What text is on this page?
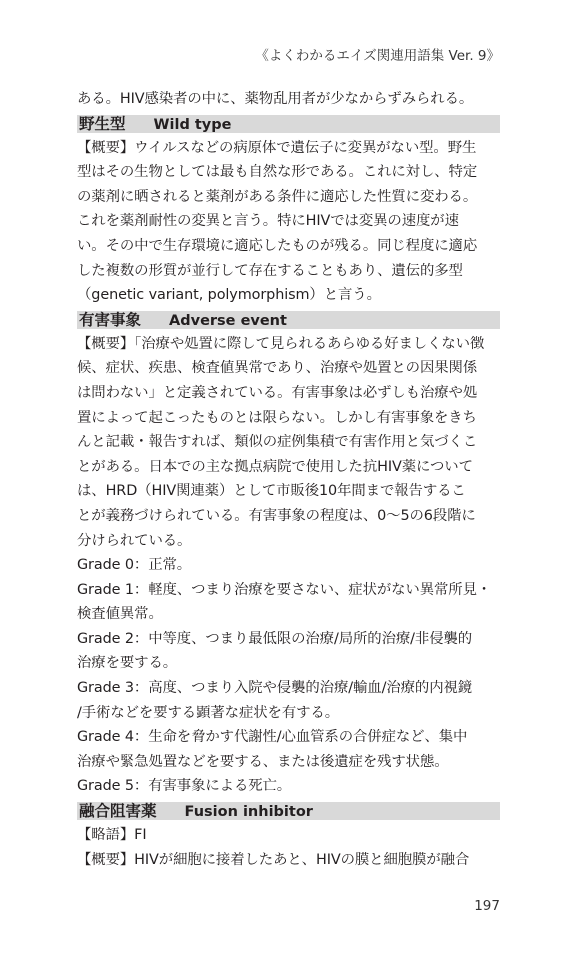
《よくわかるエイズ関連用語集 Ver. 9》
ある。HIV感染者の中に、薬物乱用者が少なからずみられる。
野生型 Wild type
【概要】ウイルスなどの病原体で遺伝子に変異がない型。野生
型はその生物としては最も自然な形である。これに対し、特定
の薬剤に晒されると薬剤がある条件に適応した性質に変わる。
これを薬剤耐性の変異と言う。特にHIVでは変異の速度が速
い。その中で生存環境に適応したものが残る。同じ程度に適応
した複数の形質が並行して存在することもあり、遺伝的多型
（genetic variant, polymorphism）と言う。
有害事象 Adverse event
【概要】「治療や処置に際して見られるあらゆる好ましくない徴
候、症状、疾患、検査値異常であり、治療や処置との因果関係
は問わない」と定義されている。有害事象は必ずしも治療や処
置によって起こったものとは限らない。しかし有害事象をきち
んと記載・報告すれば、類似の症例集積で有害作用と気づくこ
とがある。日本での主な拠点病院で使用した抗HIV薬について
は、HRD（HIV関連薬）として市販後10年間まで報告するこ
とが義務づけられている。有害事象の程度は、0～5の6段階に
分けられている。
Grade 0：正常。
Grade 1：軽度、つまり治療を要さない、症状がない異常所見・
検査値異常。
Grade 2：中等度、つまり最低限の治療/局所的治療/非侵襲的
治療を要する。
Grade 3：高度、つまり入院や侵襲的治療/輸血/治療的内視鏡
/手術などを要する顕著な症状を有する。
Grade 4：生命を脅かす代謝性/心血管系の合併症など、集中
治療や緊急処置などを要する、または後遺症を残す状態。
Grade 5：有害事象による死亡。
融合阻害薬 Fusion inhibitor
【略語】FI
【概要】HIVが細胞に接着したあと、HIVの膜と細胞膜が融合
197
